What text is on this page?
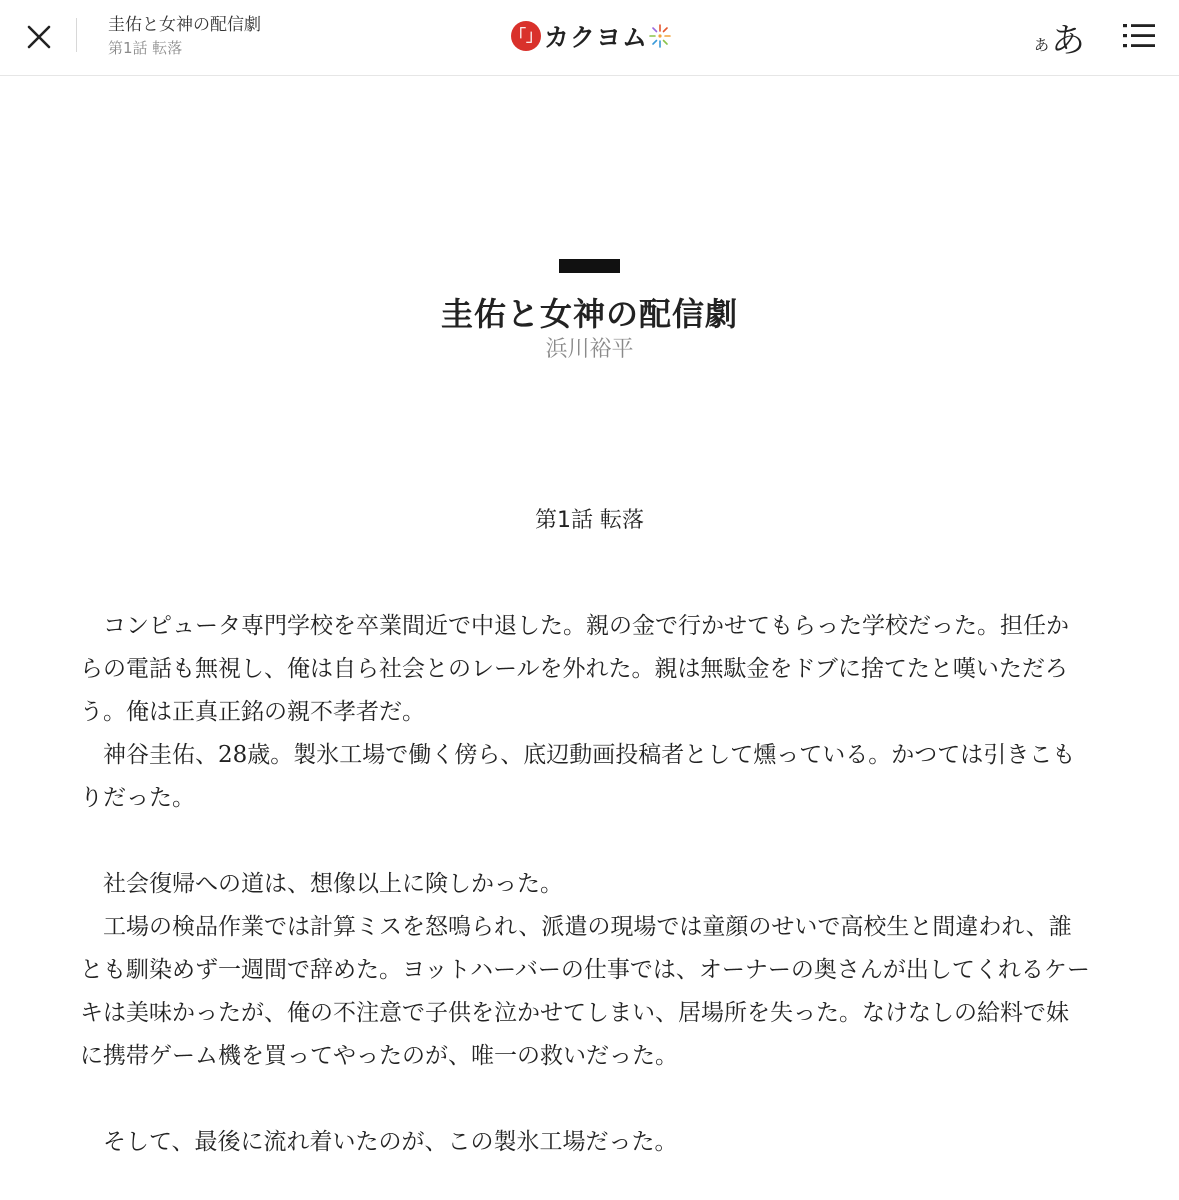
圭佑と女神の配信劇
第1話 転落
「」 カクヨム	あ あ
圭佑と女神の配信劇
浜川裕平
第1話 転落

コンピュータ専門学校を卒業間近で中退した。親の金で行かせてもらった学校だった。担任からの電話も無視し、俺は自ら社会とのレールを外れた。親は無駄金をドブに捨てたと嘆いただろう。俺は正真正銘の親不孝者だ。

神谷圭佑、28歳。製氷工場で働く傍ら、底辺動画投稿者として燻っている。かつては引きこもりだった。

社会復帰への道は、想像以上に険しかった。

工場の検品作業では計算ミスを怒鳴られ、派遣の現場では童顔のせいで高校生と間違われ、誰とも馴染めず一週間で辞めた。ヨットハーバーの仕事では、オーナーの奥さんが出してくれるケーキは美味かったが、俺の不注意で子供を泣かせてしまい、居場所を失った。なけなしの給料で妹に携帯ゲーム機を買ってやったのが、唯一の救いだった。

そして、最後に流れ着いたのが、この製氷工場だった。
